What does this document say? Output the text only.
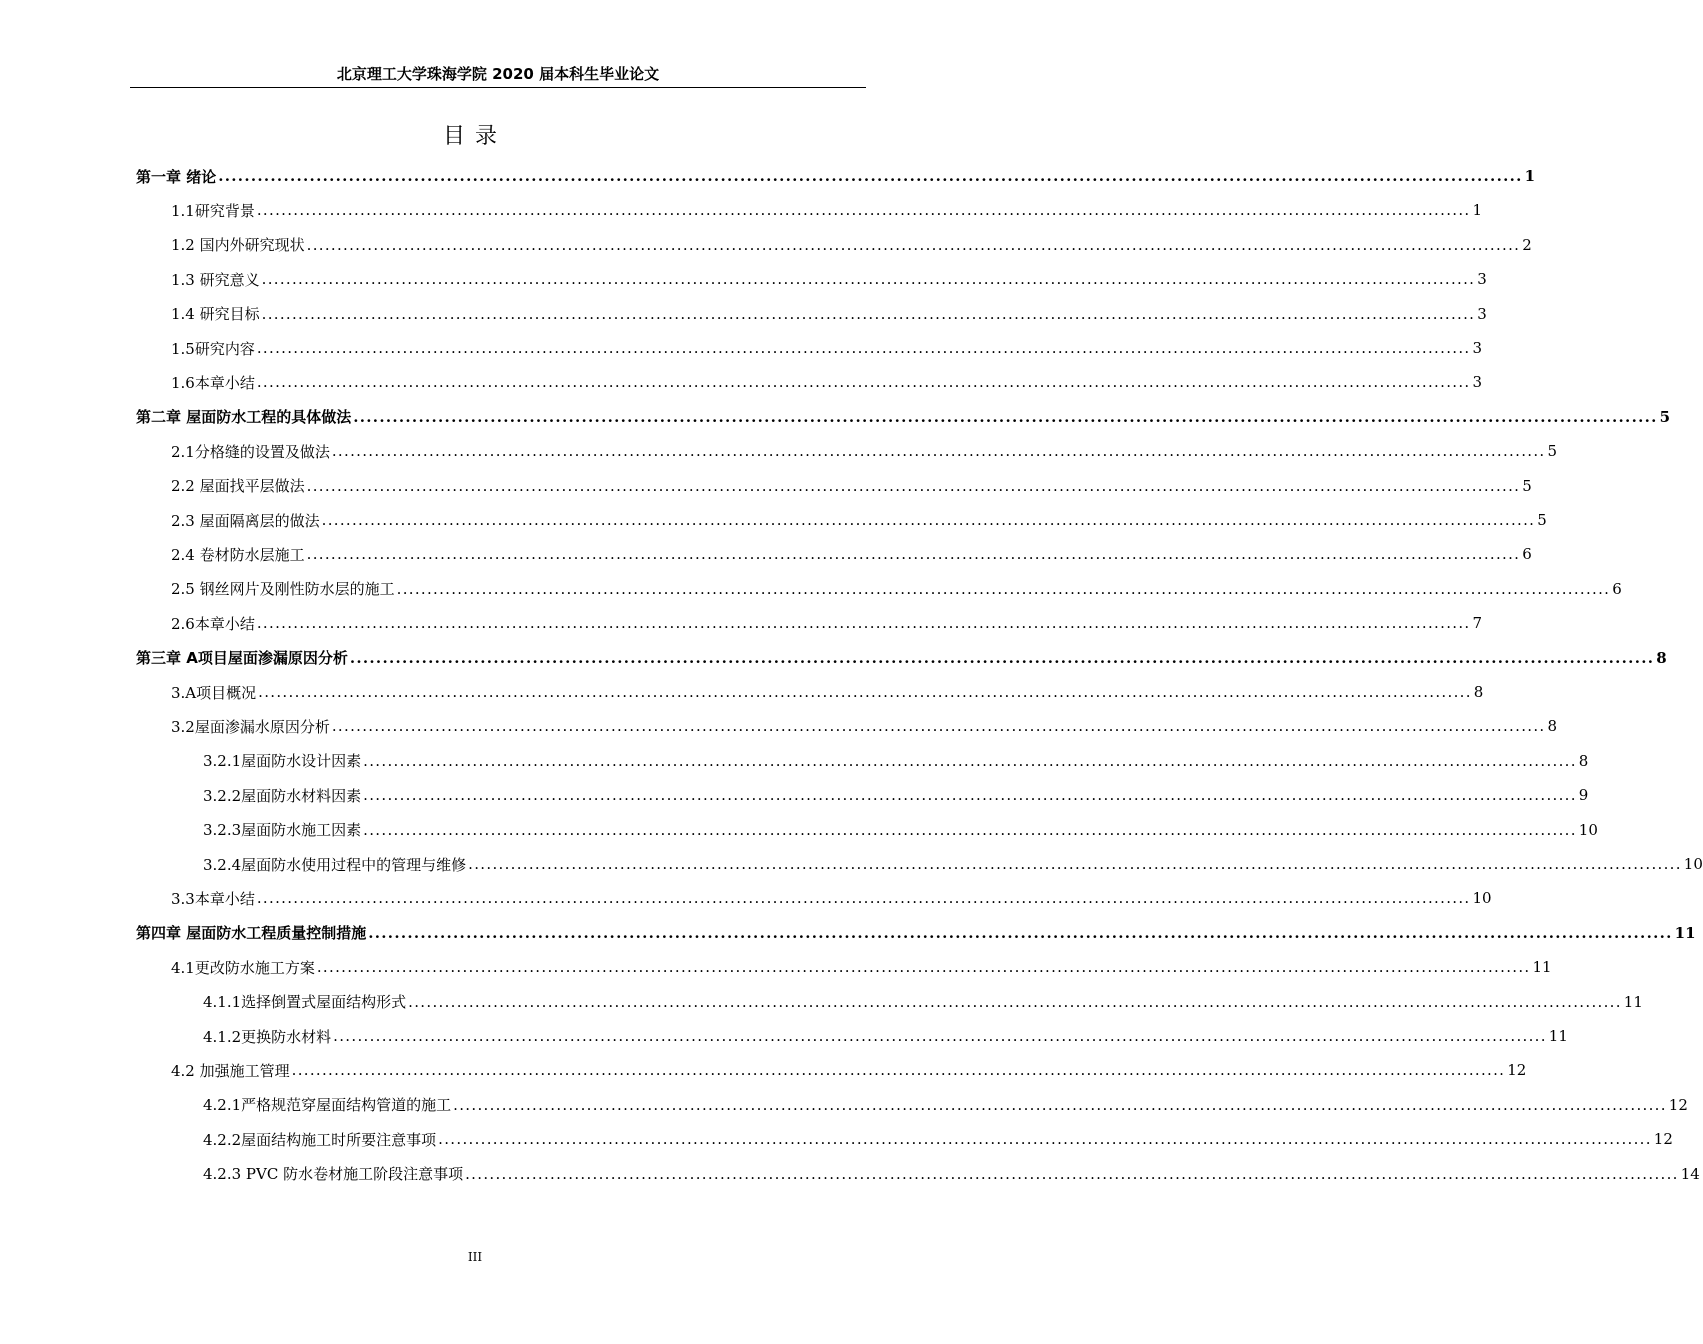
北京理工大学珠海学院 2020 届本科生毕业论文
目录
第一章 绪论 ........................................................................................................................................................................................................ 1
1.1研究背景 ........................................................................................................................................................................................................ 1
1.2 国内外研究现状 ........................................................................................................................................................................................................ 2
1.3 研究意义 ........................................................................................................................................................................................................ 3
1.4 研究目标 ........................................................................................................................................................................................................ 3
1.5研究内容 ........................................................................................................................................................................................................ 3
1.6本章小结 ........................................................................................................................................................................................................ 3
第二章 屋面防水工程的具体做法 ........................................................................................................................................................................................................ 5
2.1分格缝的设置及做法 ........................................................................................................................................................................................................ 5
2.2 屋面找平层做法 ........................................................................................................................................................................................................ 5
2.3 屋面隔离层的做法 ........................................................................................................................................................................................................ 5
2.4 卷材防水层施工 ........................................................................................................................................................................................................ 6
2.5 钢丝网片及刚性防水层的施工 ........................................................................................................................................................................................................ 6
2.6本章小结 ........................................................................................................................................................................................................ 7
第三章 A项目屋面渗漏原因分析 ........................................................................................................................................................................................................ 8
3.A项目概况 ........................................................................................................................................................................................................ 8
3.2屋面渗漏水原因分析 ........................................................................................................................................................................................................ 8
3.2.1屋面防水设计因素 ........................................................................................................................................................................................................ 8
3.2.2屋面防水材料因素 ........................................................................................................................................................................................................ 9
3.2.3屋面防水施工因素 ........................................................................................................................................................................................................ 10
3.2.4屋面防水使用过程中的管理与维修 ........................................................................................................................................................................................................ 10
3.3本章小结 ........................................................................................................................................................................................................ 10
第四章 屋面防水工程质量控制措施 ........................................................................................................................................................................................................ 11
4.1更改防水施工方案 ........................................................................................................................................................................................................ 11
4.1.1选择倒置式屋面结构形式 ........................................................................................................................................................................................................ 11
4.1.2更换防水材料 ........................................................................................................................................................................................................ 11
4.2 加强施工管理 ........................................................................................................................................................................................................ 12
4.2.1严格规范穿屋面结构管道的施工 ........................................................................................................................................................................................................ 12
4.2.2屋面结构施工时所要注意事项 ........................................................................................................................................................................................................ 12
4.2.3 PVC 防水卷材施工阶段注意事项 ........................................................................................................................................................................................................ 14
III
